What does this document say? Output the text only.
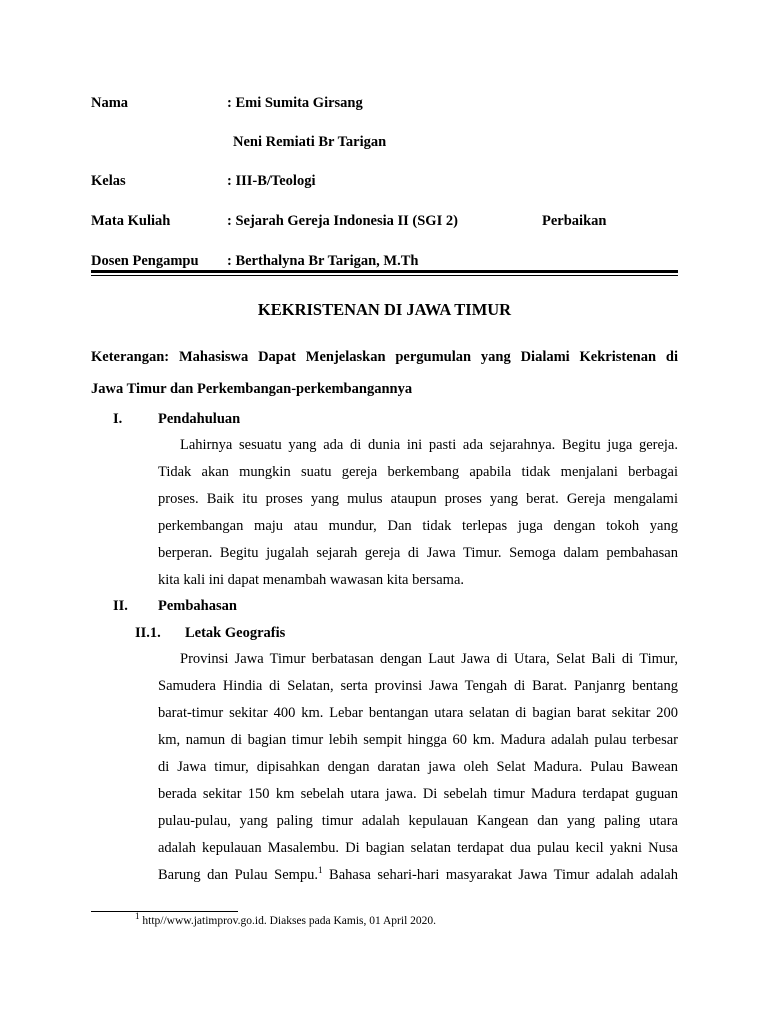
Nama	: Emi Sumita Girsang
Neni Remiati Br Tarigan
Kelas	: III-B/Teologi
Mata Kuliah	: Sejarah Gereja Indonesia II (SGI 2)	Perbaikan
Dosen Pengampu : Berthalyna Br Tarigan, M.Th
KEKRISTENAN DI JAWA TIMUR
Keterangan: Mahasiswa Dapat Menjelaskan pergumulan yang Dialami Kekristenan di
Jawa Timur dan Perkembangan-perkembangannya
I. Pendahuluan
Lahirnya sesuatu yang ada di dunia ini pasti ada sejarahnya. Begitu juga gereja.
Tidak akan mungkin suatu gereja berkembang apabila tidak menjalani berbagai
proses. Baik itu proses yang mulus ataupun proses yang berat. Gereja mengalami
perkembangan maju atau mundur, Dan tidak terlepas juga dengan tokoh yang
berperan. Begitu jugalah sejarah gereja di Jawa Timur. Semoga dalam pembahasan
kita kali ini dapat menambah wawasan kita bersama.
II. Pembahasan
II.1. Letak Geografis
Provinsi Jawa Timur berbatasan dengan Laut Jawa di Utara, Selat Bali di Timur,
Samudera Hindia di Selatan, serta provinsi Jawa Tengah di Barat. Panjanrg bentang
barat-timur sekitar 400 km. Lebar bentangan utara selatan di bagian barat sekitar 200
km, namun di bagian timur lebih sempit hingga 60 km. Madura adalah pulau terbesar
di Jawa timur, dipisahkan dengan daratan jawa oleh Selat Madura. Pulau Bawean
berada sekitar 150 km sebelah utara jawa. Di sebelah timur Madura terdapat guguan
pulau-pulau, yang paling timur adalah kepulauan Kangean dan yang paling utara
adalah kepulauan Masalembu. Di bagian selatan terdapat dua pulau kecil yakni Nusa
Barung dan Pulau Sempu.$^1$ Bahasa sehari-hari masyarakat Jawa Timur adalah adalah
$^1$ http//www.jatimprov.go.id. Diakses pada Kamis, 01 April 2020.
